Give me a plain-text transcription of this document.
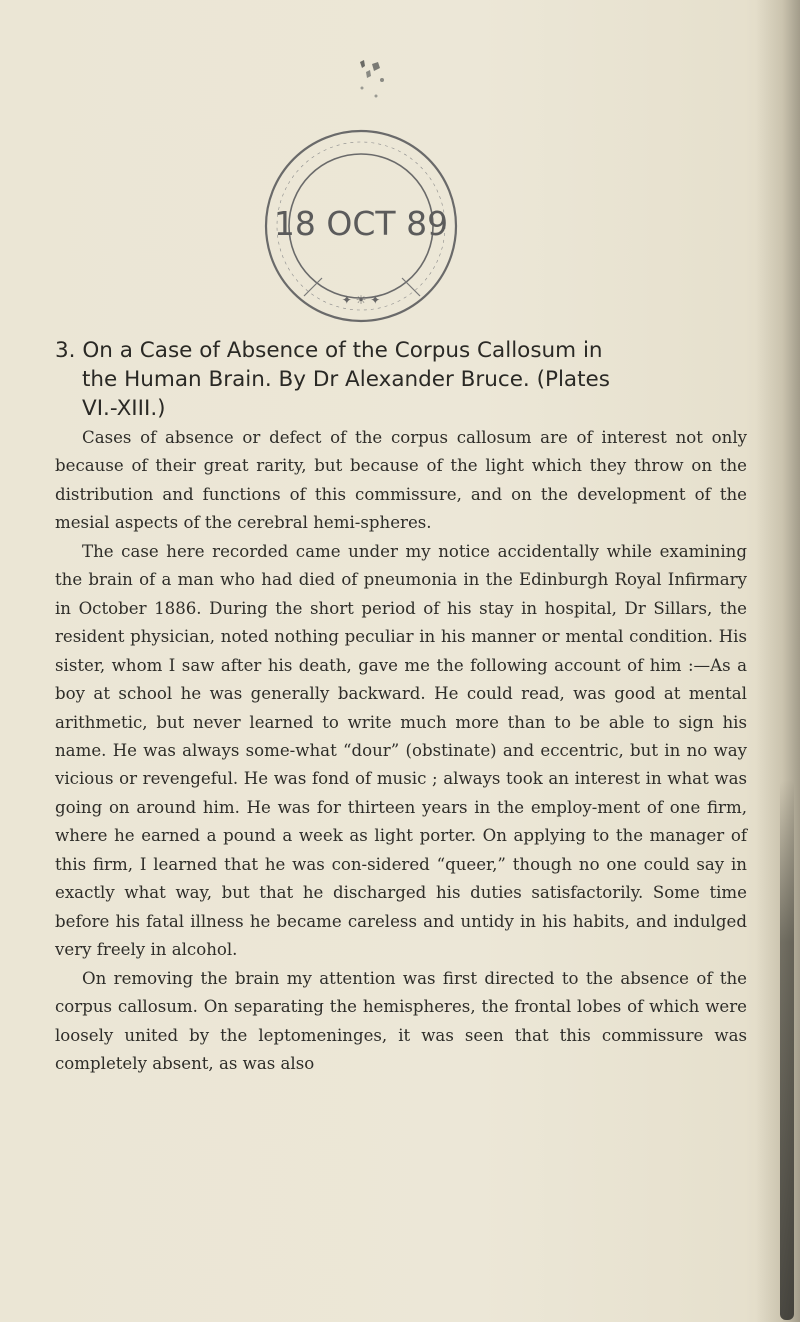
✦ ☀ ✦
18 OCT 89
3. On a Case of Absence of the Corpus Callosum in
the Human Brain. By Dr Alexander Bruce. (Plates
VI.-XIII.)

Cases of absence or defect of the corpus callosum are of interest not only because of their great rarity, but because of the light which they throw on the distribution and functions of this commissure, and on the development of the mesial aspects of the cerebral hemi-spheres.

The case here recorded came under my notice accidentally while examining the brain of a man who had died of pneumonia in the Edinburgh Royal Infirmary in October 1886. During the short period of his stay in hospital, Dr Sillars, the resident physician, noted nothing peculiar in his manner or mental condition. His sister, whom I saw after his death, gave me the following account of him :—As a boy at school he was generally backward. He could read, was good at mental arithmetic, but never learned to write much more than to be able to sign his name. He was always some-what “dour” (obstinate) and eccentric, but in no way vicious or revengeful. He was fond of music ; always took an interest in what was going on around him. He was for thirteen years in the employ-ment of one firm, where he earned a pound a week as light porter. On applying to the manager of this firm, I learned that he was con-sidered “queer,” though no one could say in exactly what way, but that he discharged his duties satisfactorily. Some time before his fatal illness he became careless and untidy in his habits, and indulged very freely in alcohol.

On removing the brain my attention was first directed to the absence of the corpus callosum. On separating the hemispheres, the frontal lobes of which were loosely united by the leptomeninges, it was seen that this commissure was completely absent, as was also
